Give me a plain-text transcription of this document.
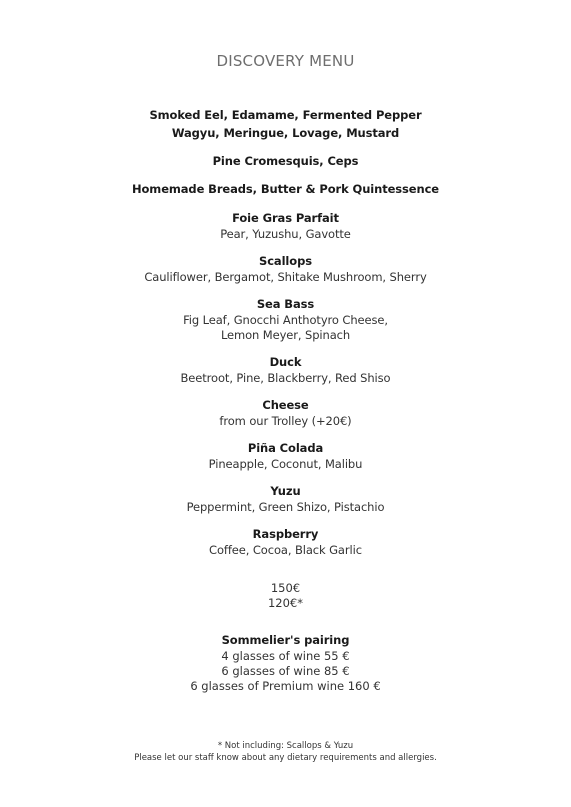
DISCOVERY MENU
Smoked Eel, Edamame, Fermented Pepper
Wagyu, Meringue, Lovage, Mustard
Pine Cromesquis, Ceps
Homemade Breads, Butter & Pork Quintessence
Foie Gras Parfait
Pear, Yuzushu, Gavotte
Scallops
Cauliflower, Bergamot, Shitake Mushroom, Sherry
Sea Bass
Fig Leaf, Gnocchi Anthotyro Cheese,
Lemon Meyer, Spinach
Duck
Beetroot, Pine, Blackberry, Red Shiso
Cheese
from our Trolley (+20€)
Piña Colada
Pineapple, Coconut, Malibu
Yuzu
Peppermint, Green Shizo, Pistachio
Raspberry
Coffee, Cocoa, Black Garlic
150€
120€*
Sommelier's pairing
4 glasses of wine 55 €
6 glasses of wine 85 €
6 glasses of Premium wine 160 €
* Not including: Scallops & Yuzu
Please let our staff know about any dietary requirements and allergies.
